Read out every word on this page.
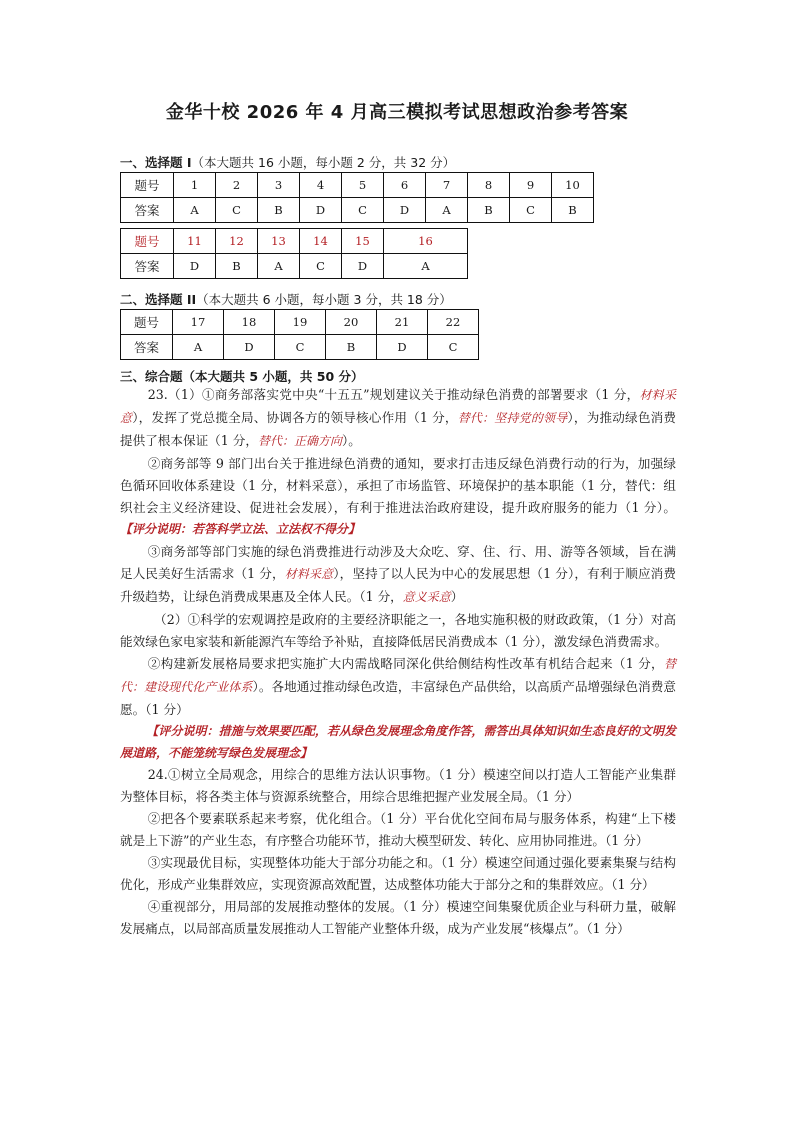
金华十校 2026 年 4 月高三模拟考试思想政治参考答案
一、选择题 I（本大题共 16 小题，每小题 2 分，共 32 分）
题号	1	2	3	4	5	6	7	8	9	10
答案	A	C	B	D	C	D	A	B	C	B
题号	11	12	13	14	15	16
答案	D	B	A	C	D	A
二、选择题 II（本大题共 6 小题，每小题 3 分，共 18 分）
题号	17	18	19	20	21	22
答案	A	D	C	B	D	C
三、综合题（本大题共 5 小题，共 50 分）

23.（1）①商务部落实党中央“十五五”规划建议关于推动绿色消费的部署要求（1 分，材料采意），发挥了党总揽全局、协调各方的领导核心作用（1 分，替代：坚持党的领导），为推动绿色消费提供了根本保证（1 分，替代：正确方向）。

②商务部等 9 部门出台关于推进绿色消费的通知，要求打击违反绿色消费行动的行为，加强绿色循环回收体系建设（1 分，材料采意），承担了市场监管、环境保护的基本职能（1 分，替代：组织社会主义经济建设、促进社会发展），有利于推进法治政府建设，提升政府服务的能力（1 分）。【评分说明：若答科学立法、立法权不得分】

③商务部等部门实施的绿色消费推进行动涉及大众吃、穿、住、行、用、游等各领域，旨在满足人民美好生活需求（1 分，材料采意），坚持了以人民为中心的发展思想（1 分），有利于顺应消费升级趋势，让绿色消费成果惠及全体人民。（1 分，意义采意）

（2）①科学的宏观调控是政府的主要经济职能之一，各地实施积极的财政政策，（1 分）对高能效绿色家电家装和新能源汽车等给予补贴，直接降低居民消费成本（1 分），激发绿色消费需求。

②构建新发展格局要求把实施扩大内需战略同深化供给侧结构性改革有机结合起来（1 分，替代：建设现代化产业体系）。各地通过推动绿色改造，丰富绿色产品供给，以高质产品增强绿色消费意愿。（1 分）

【评分说明：措施与效果要匹配，若从绿色发展理念角度作答，需答出具体知识如生态良好的文明发展道路，不能笼统写绿色发展理念】

24.①树立全局观念，用综合的思维方法认识事物。（1 分）模速空间以打造人工智能产业集群为整体目标，将各类主体与资源系统整合，用综合思维把握产业发展全局。（1 分）

②把各个要素联系起来考察，优化组合。（1 分）平台优化空间布局与服务体系，构建“上下楼就是上下游”的产业生态，有序整合功能环节，推动大模型研发、转化、应用协同推进。（1 分）

③实现最优目标，实现整体功能大于部分功能之和。（1 分）模速空间通过强化要素集聚与结构优化，形成产业集群效应，实现资源高效配置，达成整体功能大于部分之和的集群效应。（1 分）

④重视部分，用局部的发展推动整体的发展。（1 分）模速空间集聚优质企业与科研力量，破解发展痛点，以局部高质量发展推动人工智能产业整体升级，成为产业发展“核爆点”。（1 分）
